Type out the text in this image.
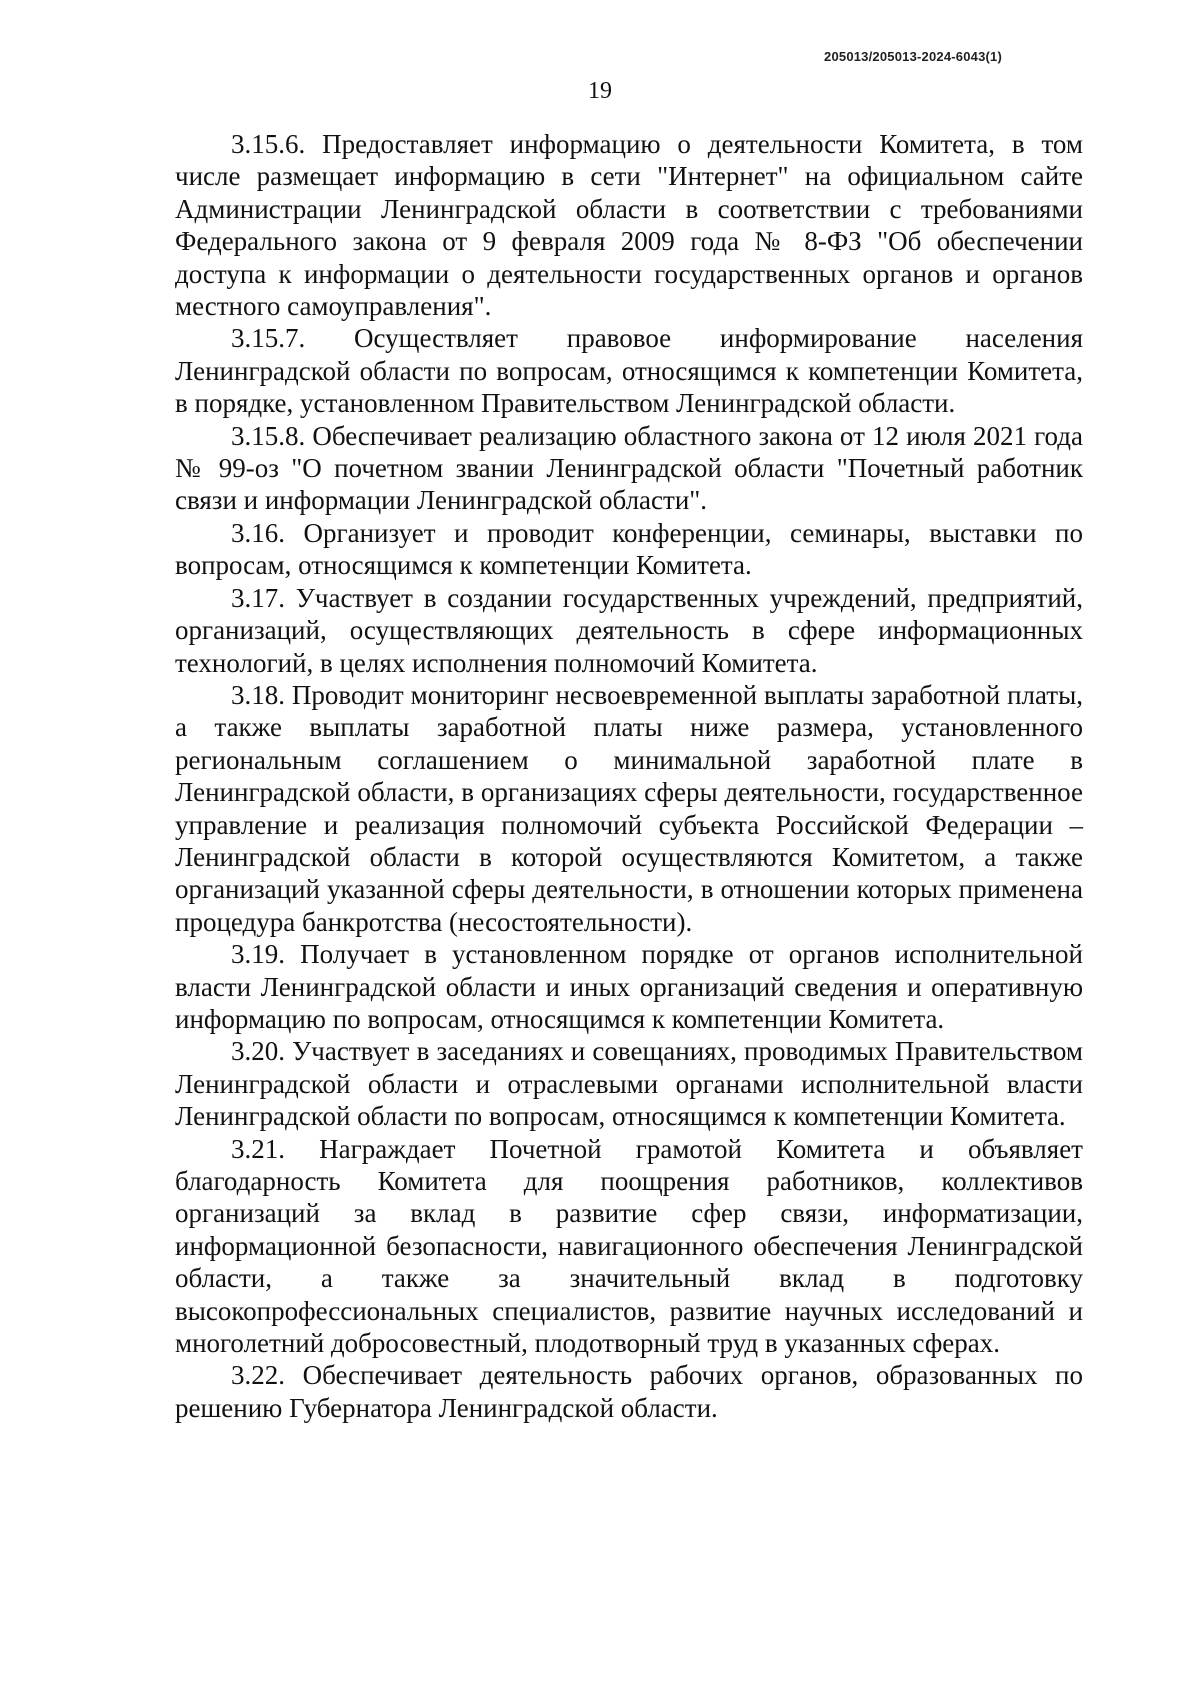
205013/205013-2024-6043(1)
19

3.15.6. Предоставляет информацию о деятельности Комитета, в том числе размещает информацию в сети "Интернет" на официальном сайте Администрации Ленинградской области в соответствии с требованиями Федерального закона от 9 февраля 2009 года № 8-ФЗ "Об обеспечении доступа к информации о деятельности государственных органов и органов местного самоуправления".

3.15.7. Осуществляет правовое информирование населения Ленинградской области по вопросам, относящимся к компетенции Комитета, в порядке, установленном Правительством Ленинградской области.

3.15.8. Обеспечивает реализацию областного закона от 12 июля 2021 года № 99-оз "О почетном звании Ленинградской области "Почетный работник связи и информации Ленинградской области".

3.16. Организует и проводит конференции, семинары, выставки по вопросам, относящимся к компетенции Комитета.

3.17. Участвует в создании государственных учреждений, предприятий, организаций, осуществляющих деятельность в сфере информационных технологий, в целях исполнения полномочий Комитета.

3.18. Проводит мониторинг несвоевременной выплаты заработной платы, а также выплаты заработной платы ниже размера, установленного региональным соглашением о минимальной заработной плате в Ленинградской области, в организациях сферы деятельности, государственное управление и реализация полномочий субъекта Российской Федерации – Ленинградской области в которой осуществляются Комитетом, а также организаций указанной сферы деятельности, в отношении которых применена процедура банкротства (несостоятельности).

3.19. Получает в установленном порядке от органов исполнительной власти Ленинградской области и иных организаций сведения и оперативную информацию по вопросам, относящимся к компетенции Комитета.

3.20. Участвует в заседаниях и совещаниях, проводимых Правительством Ленинградской области и отраслевыми органами исполнительной власти Ленинградской области по вопросам, относящимся к компетенции Комитета.

3.21. Награждает Почетной грамотой Комитета и объявляет благодарность Комитета для поощрения работников, коллективов организаций за вклад в развитие сфер связи, информатизации, информационной безопасности, навигационного обеспечения Ленинградской области, а также за значительный вклад в подготовку высокопрофессиональных специалистов, развитие научных исследований и многолетний добросовестный, плодотворный труд в указанных сферах.

3.22. Обеспечивает деятельность рабочих органов, образованных по решению Губернатора Ленинградской области.
